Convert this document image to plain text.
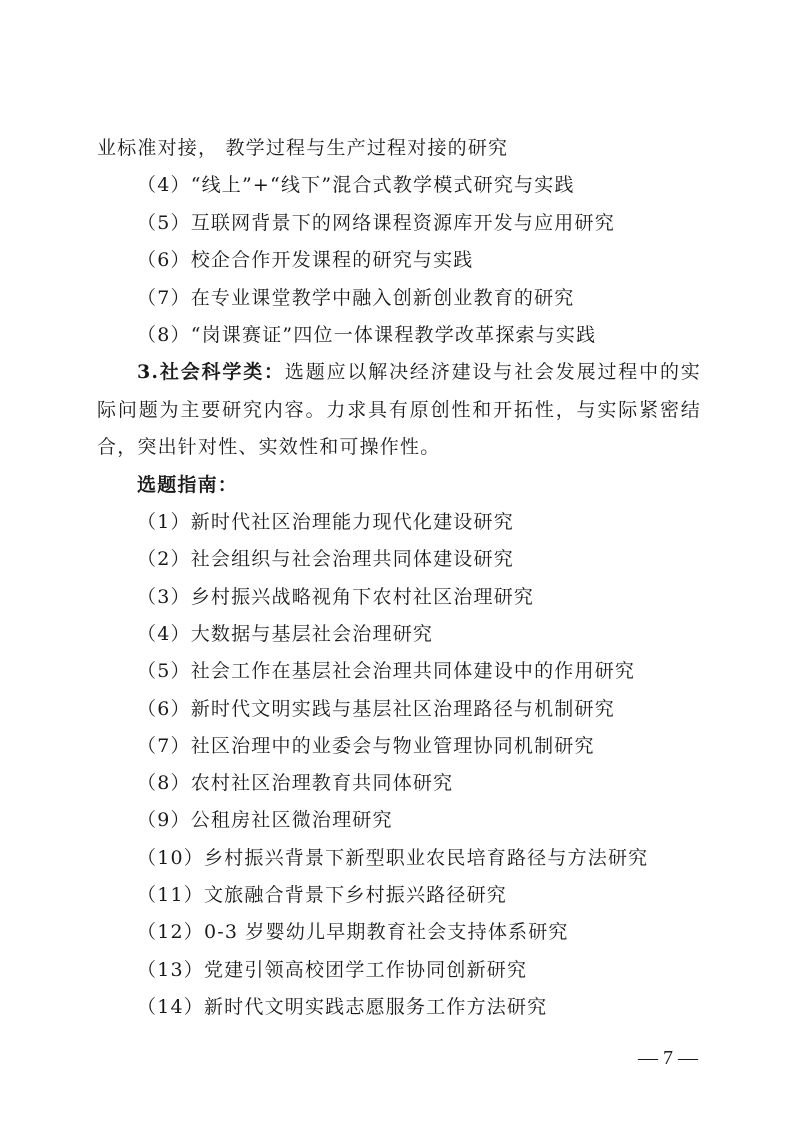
业标准对接， 教学过程与生产过程对接的研究
（4）“线上”+“线下”混合式教学模式研究与实践
（5）互联网背景下的网络课程资源库开发与应用研究
（6）校企合作开发课程的研究与实践
（7）在专业课堂教学中融入创新创业教育的研究
（8）“岗课赛证”四位一体课程教学改革探索与实践
3.社会科学类：选题应以解决经济建设与社会发展过程中的实际问题为主要研究内容。力求具有原创性和开拓性，与实际紧密结合，突出针对性、实效性和可操作性。
选题指南：
（1）新时代社区治理能力现代化建设研究
（2）社会组织与社会治理共同体建设研究
（3）乡村振兴战略视角下农村社区治理研究
（4）大数据与基层社会治理研究
（5）社会工作在基层社会治理共同体建设中的作用研究
（6）新时代文明实践与基层社区治理路径与机制研究
（7）社区治理中的业委会与物业管理协同机制研究
（8）农村社区治理教育共同体研究
（9）公租房社区微治理研究
（10）乡村振兴背景下新型职业农民培育路径与方法研究
（11）文旅融合背景下乡村振兴路径研究
（12）0-3 岁婴幼儿早期教育社会支持体系研究
（13）党建引领高校团学工作协同创新研究
（14）新时代文明实践志愿服务工作方法研究
— 7 —
